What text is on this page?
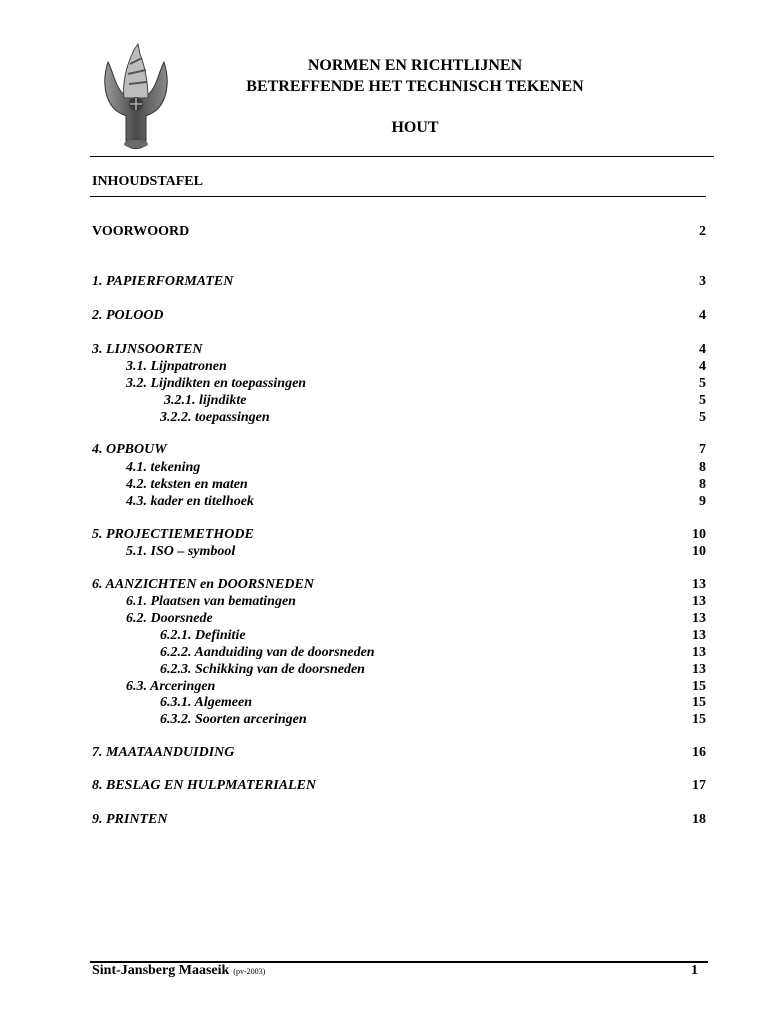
NORMEN EN RICHTLIJNEN
BETREFFENDE HET TECHNISCH TEKENEN
HOUT
INHOUDSTAFEL
VOORWOORD	2
1. PAPIERFORMATEN	3
2. POLOOD	4
3. LIJNSOORTEN	4
3.1. Lijnpatronen	4
3.2. Lijndikten en toepassingen	5
3.2.1. lijndikte	5
3.2.2. toepassingen	5
4. OPBOUW	7
4.1. tekening	8
4.2. teksten en maten	8
4.3. kader en titelhoek	9
5. PROJECTIEMETHODE	10
5.1. ISO – symbool	10
6. AANZICHTEN en DOORSNEDEN	13
6.1. Plaatsen van bematingen	13
6.2. Doorsnede	13
6.2.1. Definitie	13
6.2.2. Aanduiding van de doorsneden	13
6.2.3. Schikking van de doorsneden	13
6.3. Arceringen	15
6.3.1. Algemeen	15
6.3.2. Soorten arceringen	15
7. MAATAANDUIDING	16
8. BESLAG EN HULPMATERIALEN	17
9. PRINTEN	18
Sint-Jansberg Maaseik (pv-2003)	1
